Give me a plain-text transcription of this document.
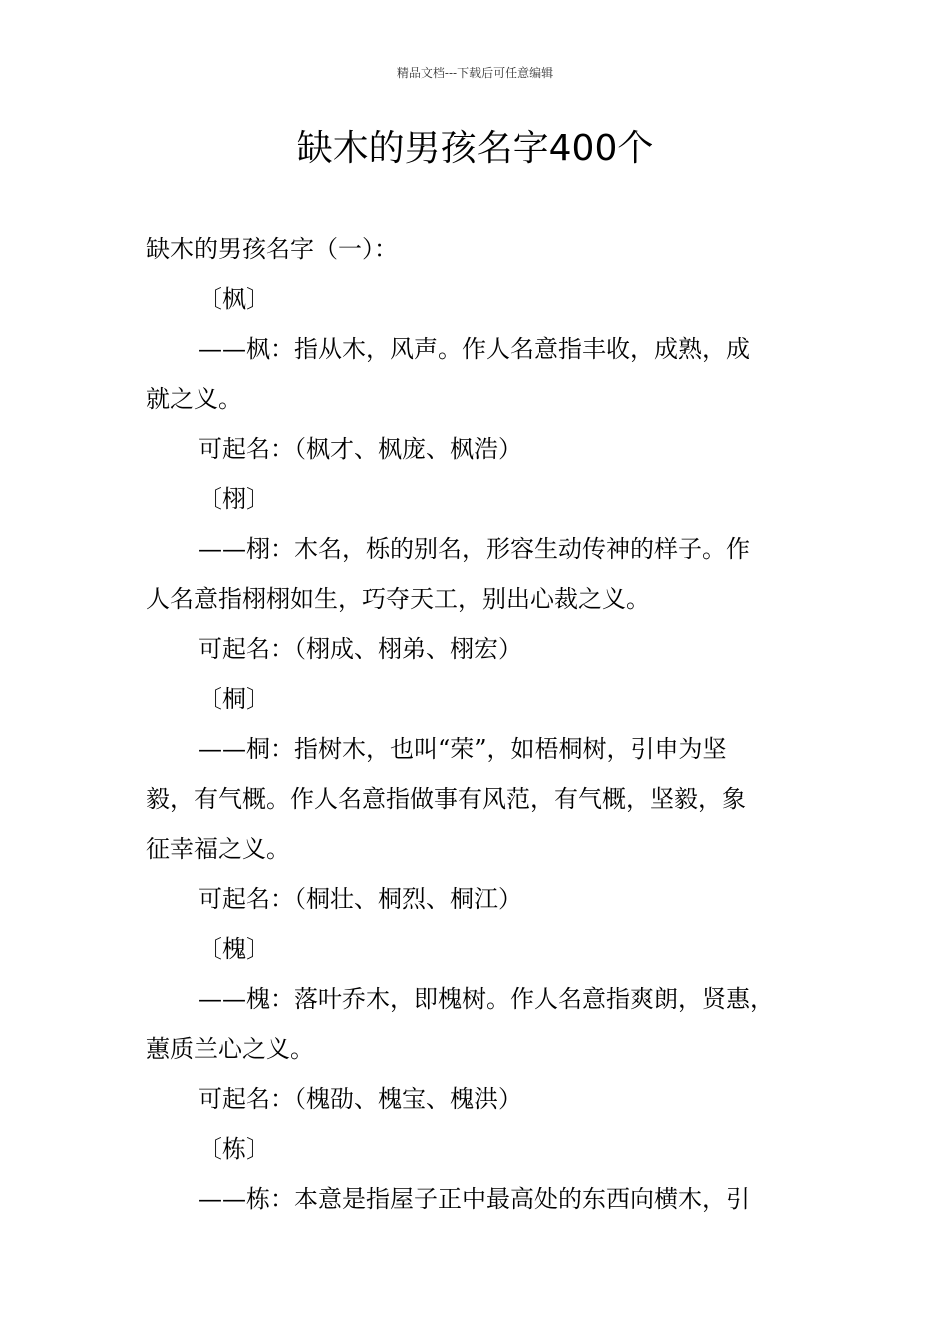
精品文档---下载后可任意编辑
缺木的男孩名字400个

缺木的男孩名字（一）：

〔枫〕

——枫：指从木，风声。作人名意指丰收，成熟，成

就之义。

可起名：（枫才、枫庞、枫浩）

〔栩〕

——栩：木名，栎的别名，形容生动传神的样子。作

人名意指栩栩如生，巧夺天工，别出心裁之义。

可起名：（栩成、栩弟、栩宏）

〔桐〕

——桐：指树木，也叫“荣”，如梧桐树，引申为坚

毅，有气概。作人名意指做事有风范，有气概，坚毅，象

征幸福之义。

可起名：（桐壮、桐烈、桐江）

〔槐〕

——槐：落叶乔木，即槐树。作人名意指爽朗，贤惠，

蕙质兰心之义。

可起名：（槐劭、槐宝、槐洪）

〔栋〕

——栋：本意是指屋子正中最高处的东西向横木，引
